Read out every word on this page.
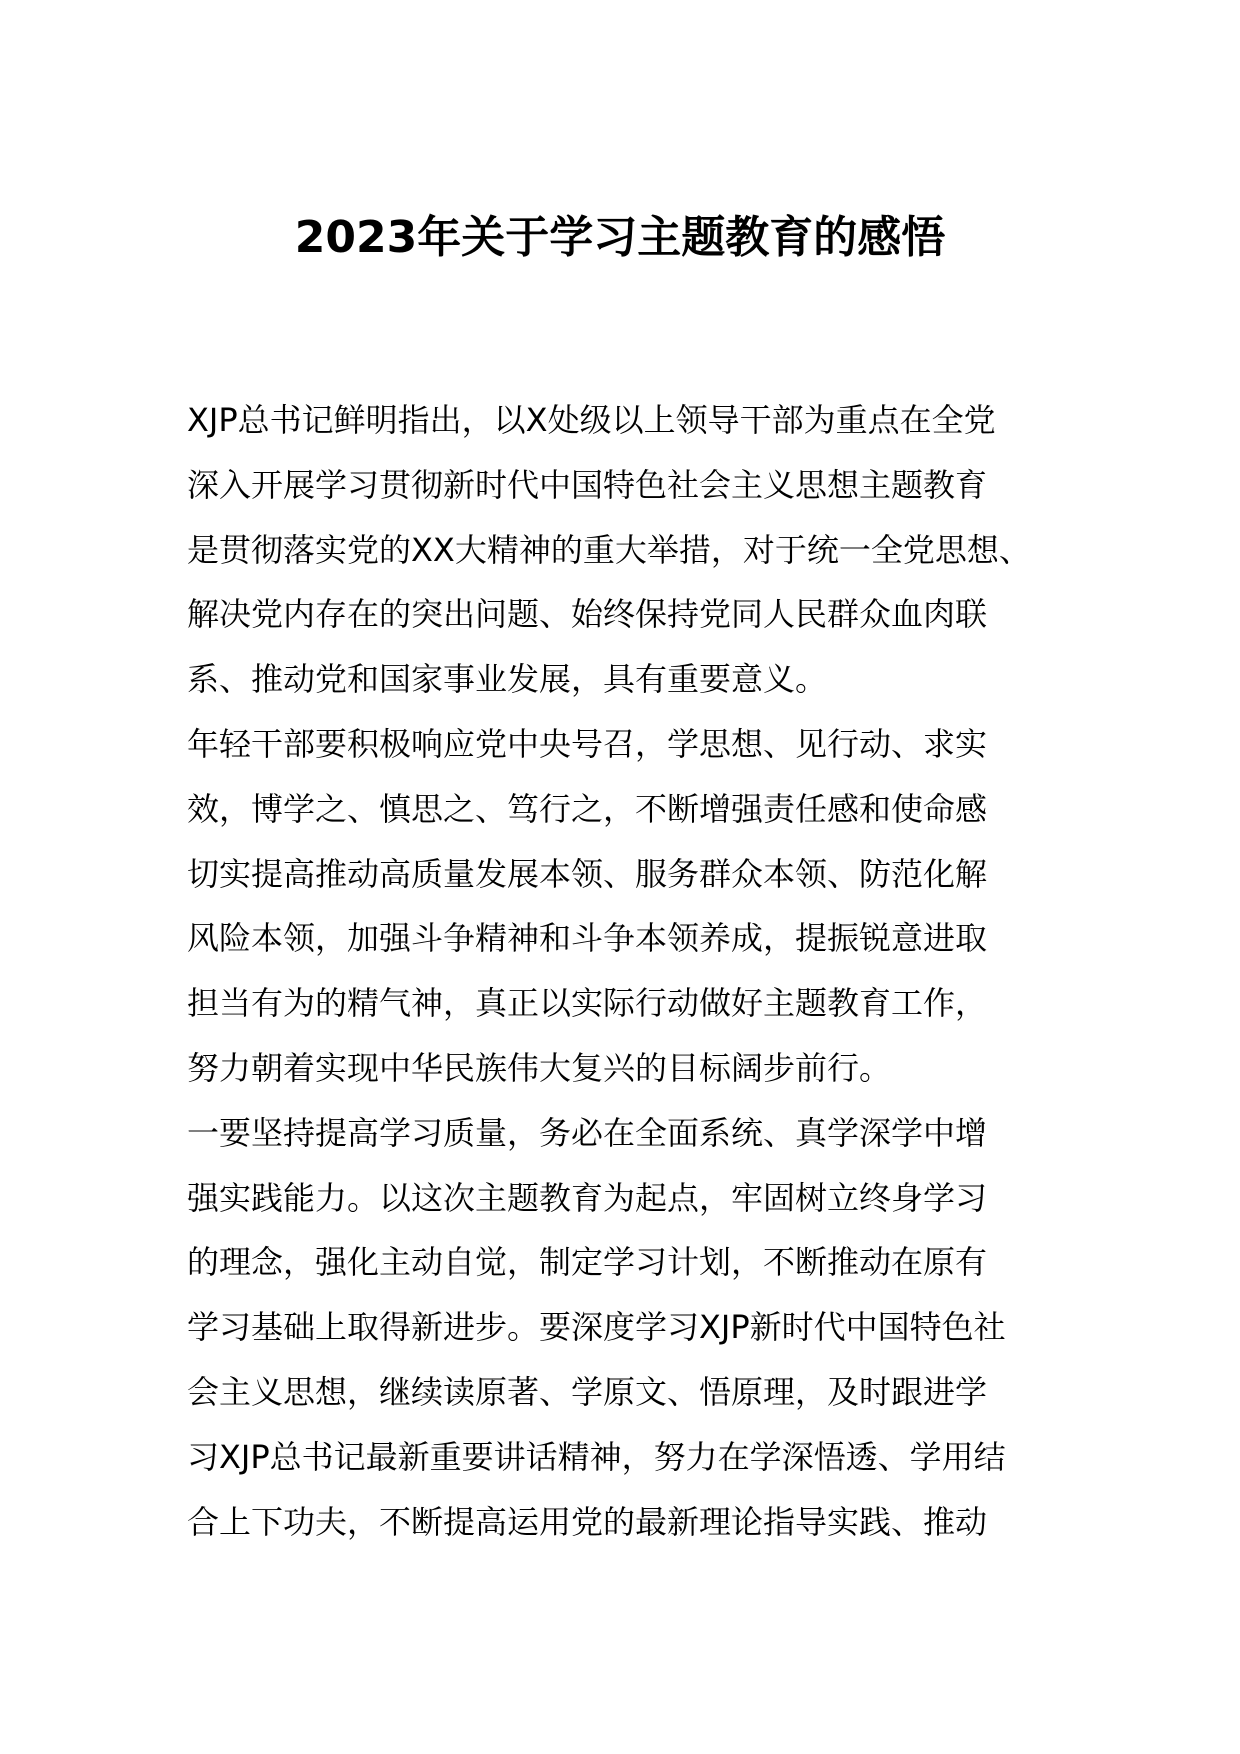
2023年关于学习主题教育的感悟
XJP总书记鲜明指出，以X处级以上领导干部为重点在全党
深入开展学习贯彻新时代中国特色社会主义思想主题教育
是贯彻落实党的XX大精神的重大举措，对于统一全党思想、
解决党内存在的突出问题、始终保持党同人民群众血肉联
系、推动党和国家事业发展，具有重要意义。
年轻干部要积极响应党中央号召，学思想、见行动、求实
效，博学之、慎思之、笃行之，不断增强责任感和使命感
切实提高推动高质量发展本领、服务群众本领、防范化解
风险本领，加强斗争精神和斗争本领养成，提振锐意进取
担当有为的精气神，真正以实际行动做好主题教育工作，
努力朝着实现中华民族伟大复兴的目标阔步前行。
一要坚持提高学习质量，务必在全面系统、真学深学中增
强实践能力。以这次主题教育为起点，牢固树立终身学习
的理念，强化主动自觉，制定学习计划，不断推动在原有
学习基础上取得新进步。要深度学习XJP新时代中国特色社
会主义思想，继续读原著、学原文、悟原理，及时跟进学
习XJP总书记最新重要讲话精神，努力在学深悟透、学用结
合上下功夫，不断提高运用党的最新理论指导实践、推动
